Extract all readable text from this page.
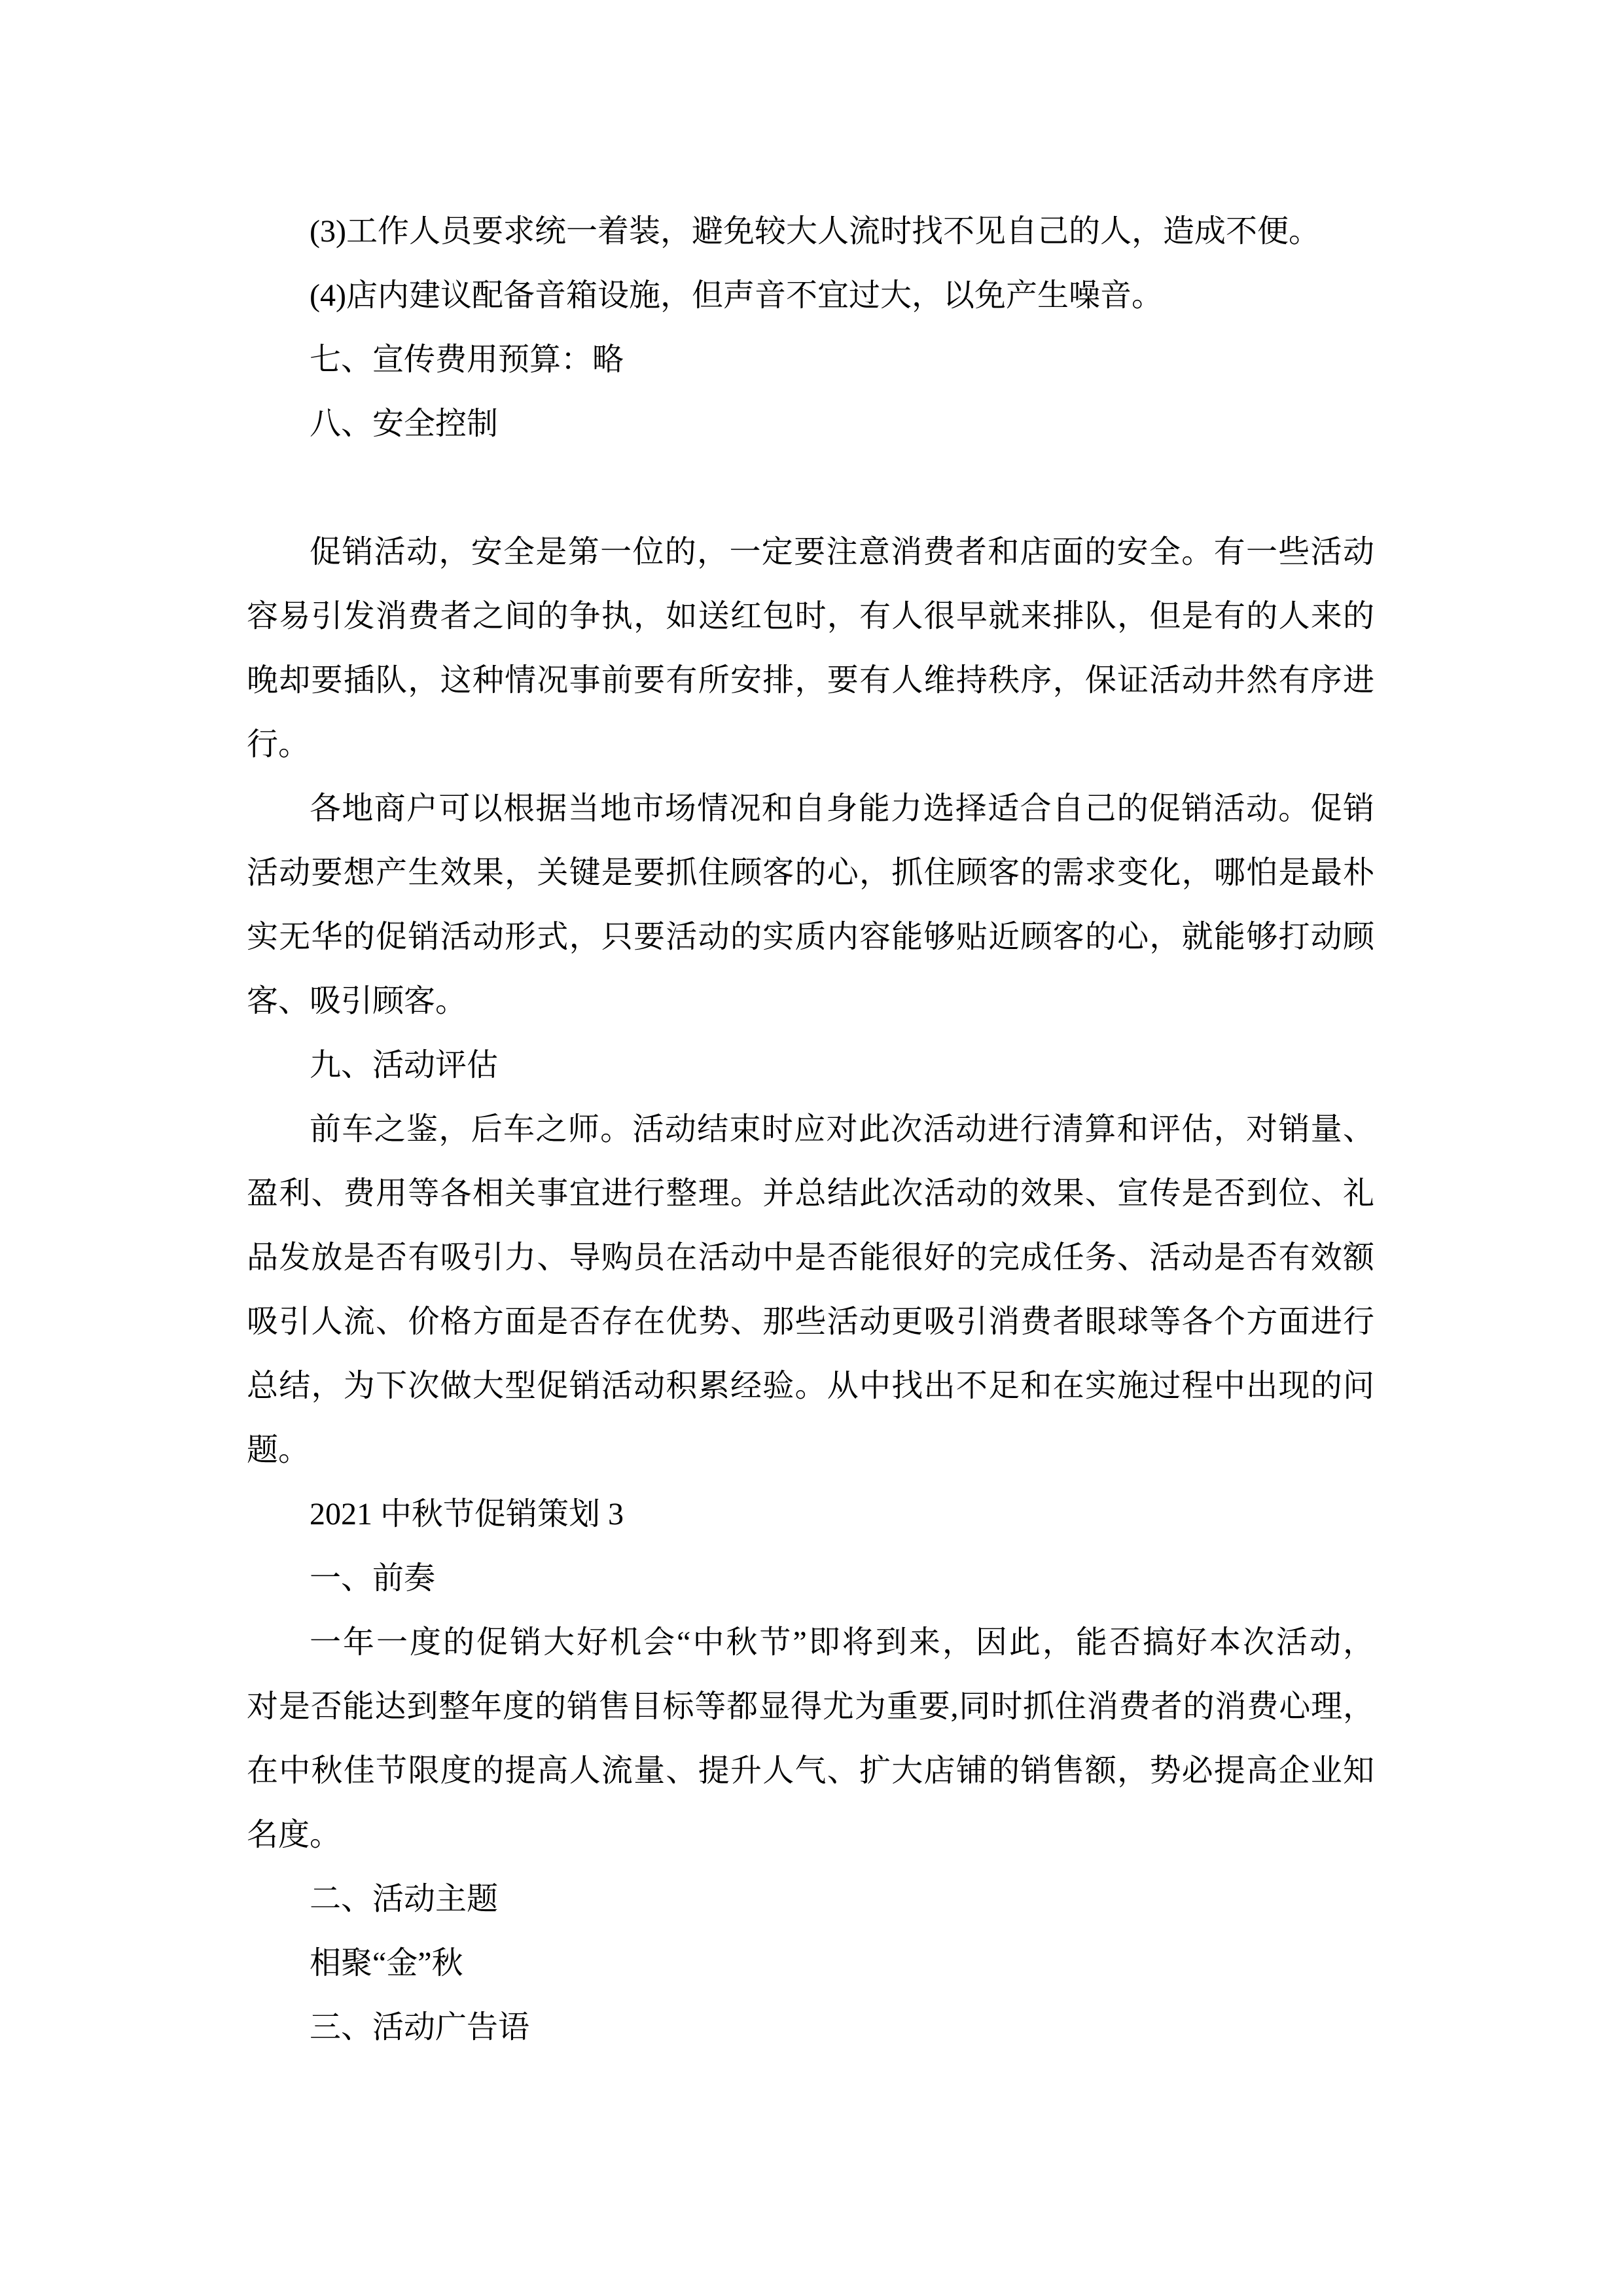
(3)工作人员要求统一着装，避免较大人流时找不见自己的人，造成不便。
(4)店内建议配备音箱设施，但声音不宜过大，以免产生噪音。
七、宣传费用预算：略
八、安全控制

促销活动，安全是第一位的，一定要注意消费者和店面的安全。有一些活动
容易引发消费者之间的争执，如送红包时，有人很早就来排队，但是有的人来的
晚却要插队，这种情况事前要有所安排，要有人维持秩序，保证活动井然有序进
行。
各地商户可以根据当地市场情况和自身能力选择适合自己的促销活动。促销
活动要想产生效果，关键是要抓住顾客的心，抓住顾客的需求变化，哪怕是最朴
实无华的促销活动形式，只要活动的实质内容能够贴近顾客的心，就能够打动顾
客、吸引顾客。
九、活动评估
前车之鉴，后车之师。活动结束时应对此次活动进行清算和评估，对销量、
盈利、费用等各相关事宜进行整理。并总结此次活动的效果、宣传是否到位、礼
品发放是否有吸引力、导购员在活动中是否能很好的完成任务、活动是否有效额
吸引人流、价格方面是否存在优势、那些活动更吸引消费者眼球等各个方面进行
总结，为下次做大型促销活动积累经验。从中找出不足和在实施过程中出现的问
题。
2021 中秋节促销策划 3
一、前奏
一年一度的促销大好机会“中秋节”即将到来，因此，能否搞好本次活动，
对是否能达到整年度的销售目标等都显得尤为重要,同时抓住消费者的消费心理，
在中秋佳节限度的提高人流量、提升人气、扩大店铺的销售额，势必提高企业知
名度。
二、活动主题
相聚“金”秋
三、活动广告语
